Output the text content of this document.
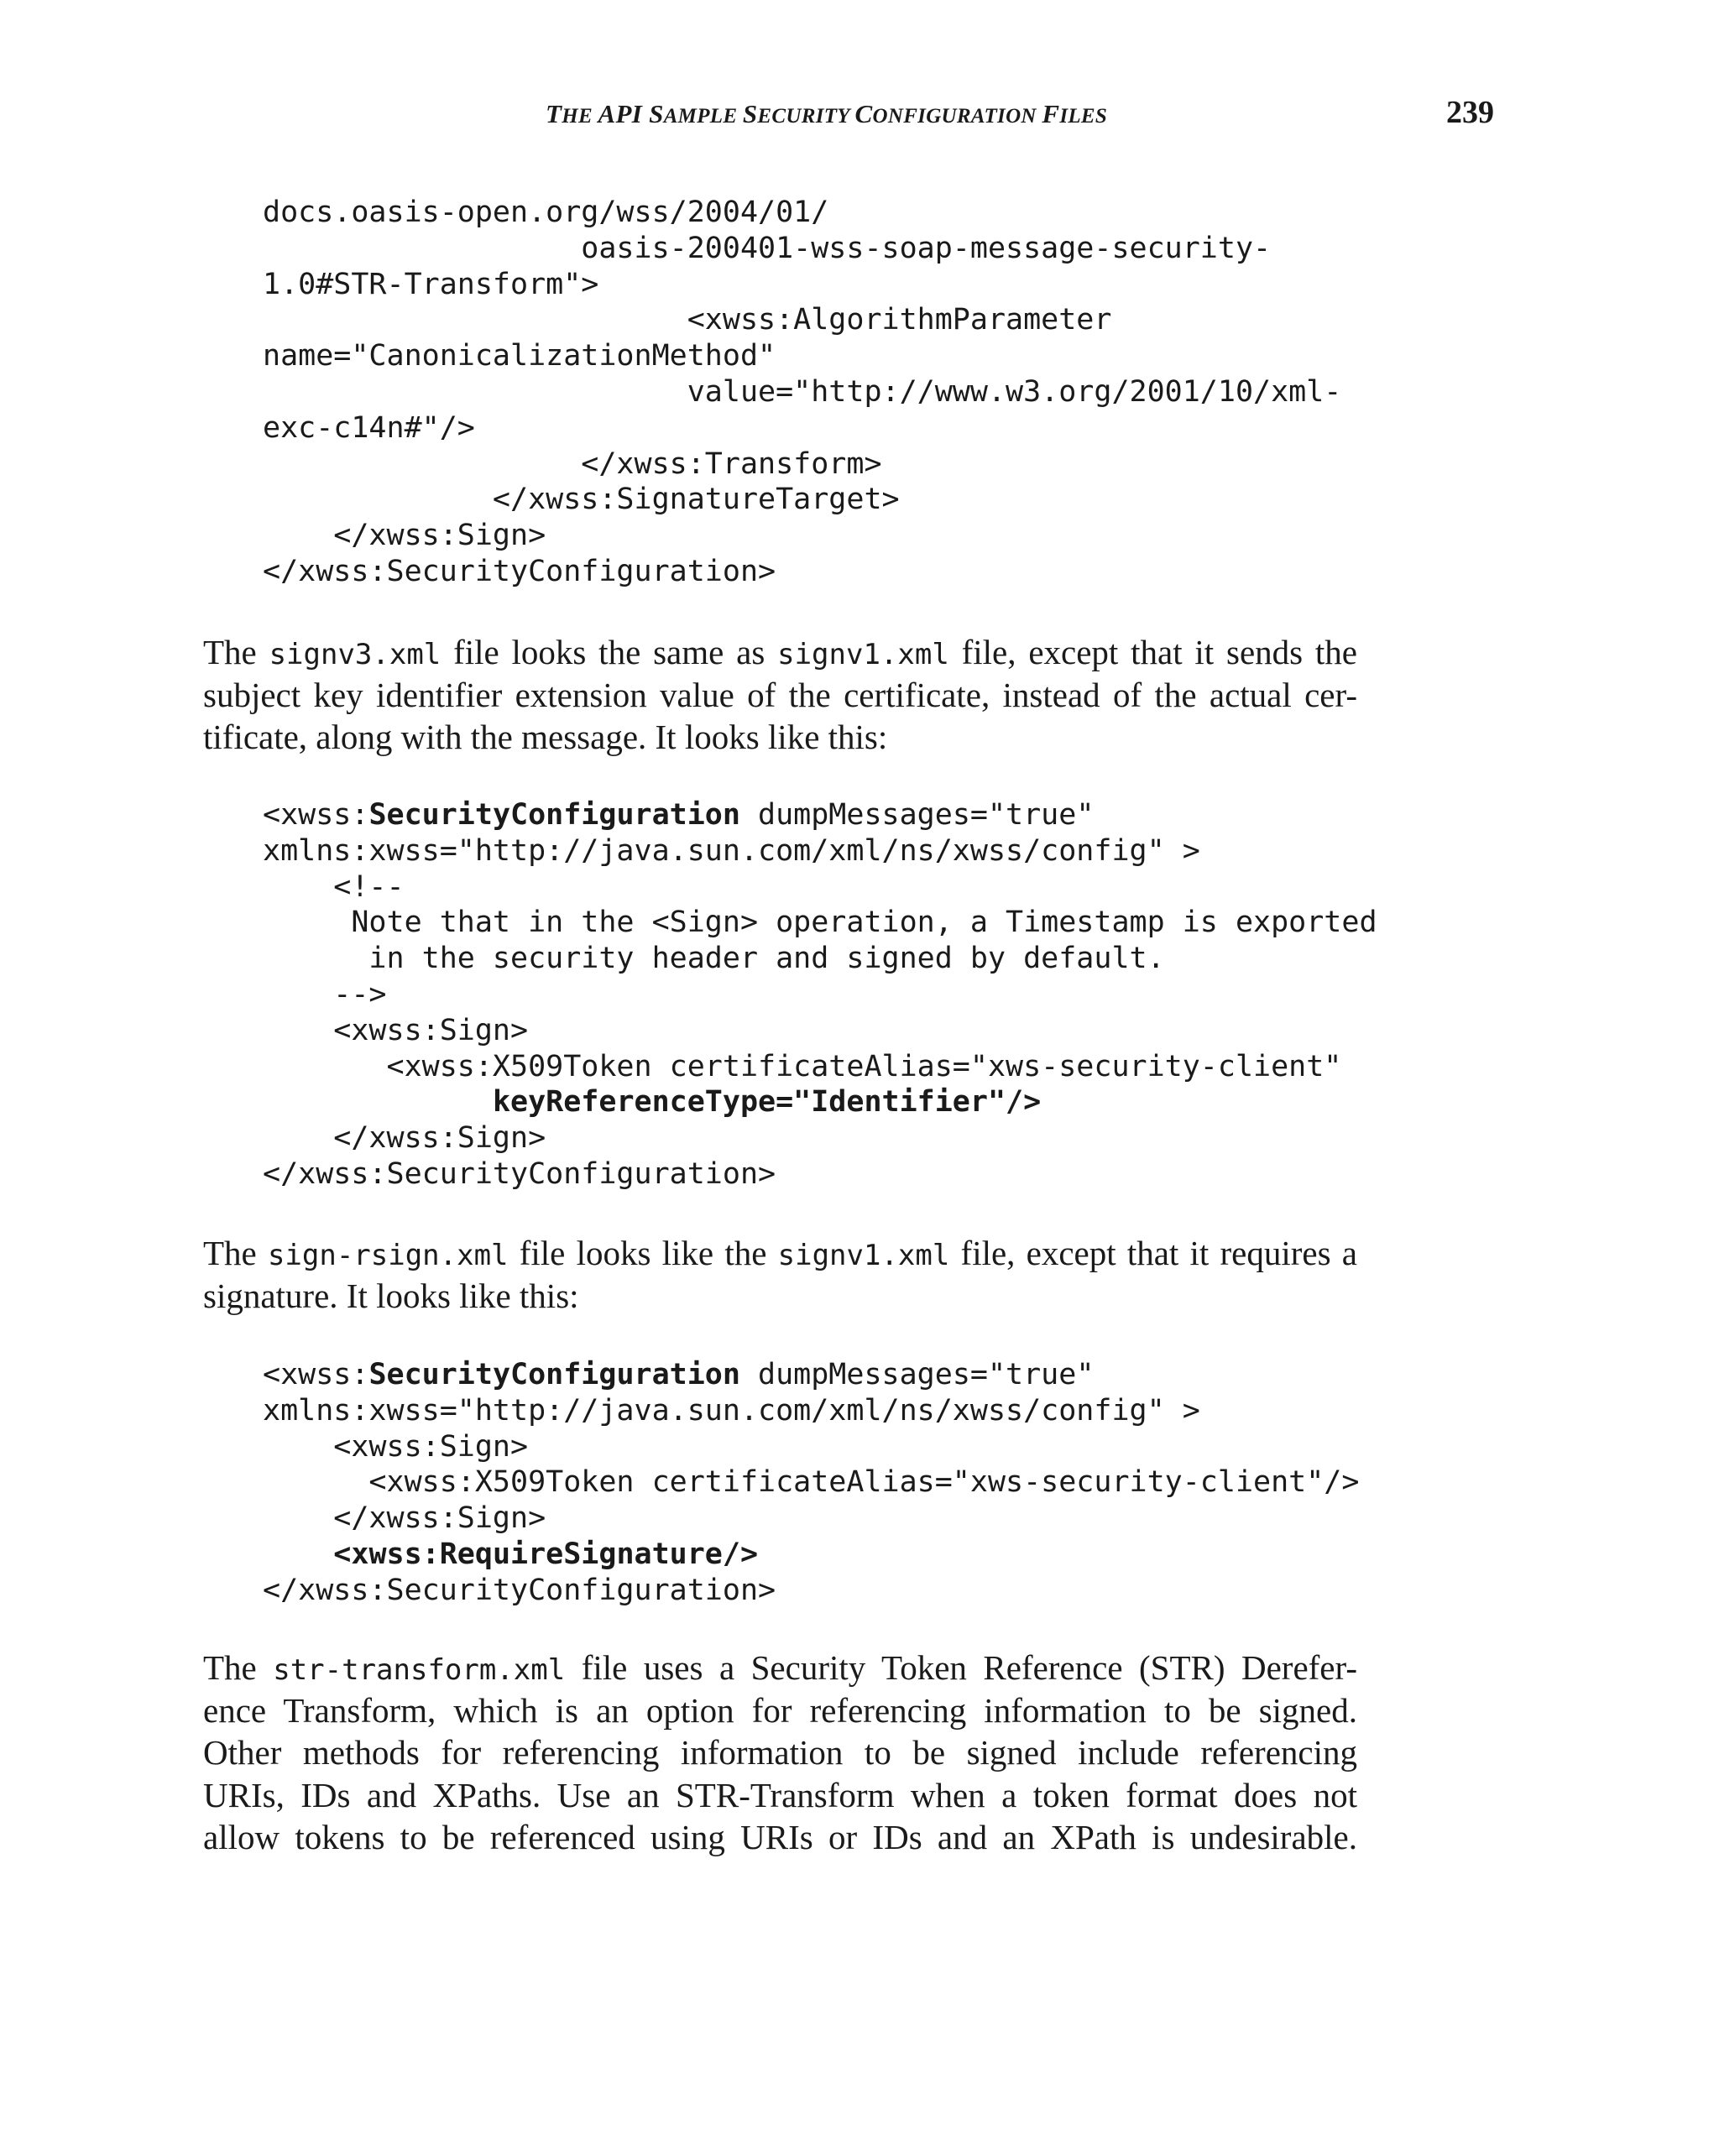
THE API SAMPLE SECURITY CONFIGURATION FILES	239
docs.oasis-open.org/wss/2004/01/
oasis-200401-wss-soap-message-security-
1.0#STR-Transform">
<xwss:AlgorithmParameter
name="CanonicalizationMethod"
value="http://www.w3.org/2001/10/xml-
exc-c14n#"/>
</xwss:Transform>
</xwss:SignatureTarget>
</xwss:Sign>
</xwss:SecurityConfiguration>
The signv3.xml file looks the same as signv1.xml file, except that it sends the
subject key identifier extension value of the certificate, instead of the actual cer-
tificate, along with the message. It looks like this:
<xwss:SecurityConfiguration dumpMessages="true"
xmlns:xwss="http://java.sun.com/xml/ns/xwss/config" >
<!--
Note that in the <Sign> operation, a Timestamp is exported
in the security header and signed by default.
-->
<xwss:Sign>
<xwss:X509Token certificateAlias="xws-security-client"
keyReferenceType="Identifier"/>
</xwss:Sign>
</xwss:SecurityConfiguration>
The sign-rsign.xml file looks like the signv1.xml file, except that it requires a
signature. It looks like this:
<xwss:SecurityConfiguration dumpMessages="true"
xmlns:xwss="http://java.sun.com/xml/ns/xwss/config" >
<xwss:Sign>
<xwss:X509Token certificateAlias="xws-security-client"/>
</xwss:Sign>
<xwss:RequireSignature/>
</xwss:SecurityConfiguration>
The str-transform.xml file uses a Security Token Reference (STR) Derefer-
ence Transform, which is an option for referencing information to be signed.
Other methods for referencing information to be signed include referencing
URIs, IDs and XPaths. Use an STR-Transform when a token format does not
allow tokens to be referenced using URIs or IDs and an XPath is undesirable.
